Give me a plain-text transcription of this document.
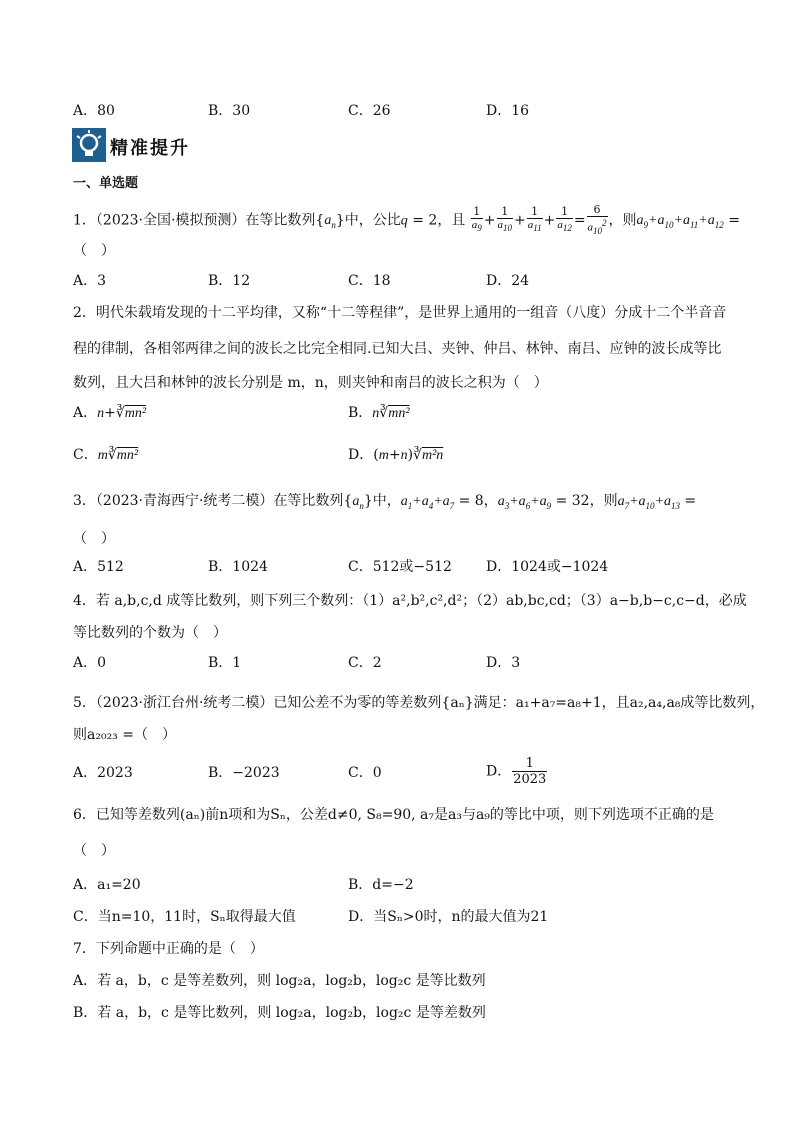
A．80	B．30	C．26	D．16
精准提升
一、单选题
1．（2023·全国·模拟预测）在等比数列$\{a_n\}$中，公比q = 2，且 $\frac{1}{a_9} + \frac{1}{a_{10}} + \frac{1}{a_{11}} + \frac{1}{a_{12}} = \frac{6}{a_{10}^2}$ ，则$a_9+a_{10}+a_{11}+a_{12}$ =
（　）
A．3	B．12	C．18	D．24
2．明代朱载堉发现的十二平均律，又称“十二等程律”，是世界上通用的一组音（八度）分成十二个半音音
程的律制，各相邻两律之间的波长之比完全相同.已知大吕、夹钟、仲吕、林钟、南吕、应钟的波长成等比
数列，且大吕和林钟的波长分别是 m，n，则夹钟和南吕的波长之积为（　）
A．n+∛mn²	B．n∛mn²
C．m∛mn²	D．(m+n)∛m²n
3．（2023·青海西宁·统考二模）在等比数列$\{a_n\}$中，$a_1+a_4+a_7 = 8$，$a_3+a_6+a_9 = 32$，则$a_7+a_{10}+a_{13}$ =
（　）
A．512	B．1024	C．512或−512 D．1024或−1024
4．若 a,b,c,d 成等比数列，则下列三个数列：（1）a²,b²,c²,d²；（2）ab,bc,cd；（3）a−b,b−c,c−d，必成
等比数列的个数为（　）
A．0	B．1	C．2	D．3
5．（2023·浙江台州·统考二模）已知公差不为零的等差数列{aₙ}满足：a₁+a₇=a₈+1，且a₂,a₄,a₈成等比数列，
则a₂₀₂₃ =（　）
A．2023	B．−2023	C．0	D． $\frac{1}{2023}$
6．已知等差数列(aₙ)前n项和为Sₙ，公差d≠0, S₈=90, a₇是a₃与a₉的等比中项，则下列选项不正确的是
（　）
A．a₁=20	B．d=−2
C．当n=10，11时，Sₙ取得最大值	D．当Sₙ>0时，n的最大值为21
7．下列命题中正确的是（　）
A．若 a，b，c 是等差数列，则 log₂a，log₂b，log₂c 是等比数列
B．若 a，b，c 是等比数列，则 log₂a，log₂b，log₂c 是等差数列
